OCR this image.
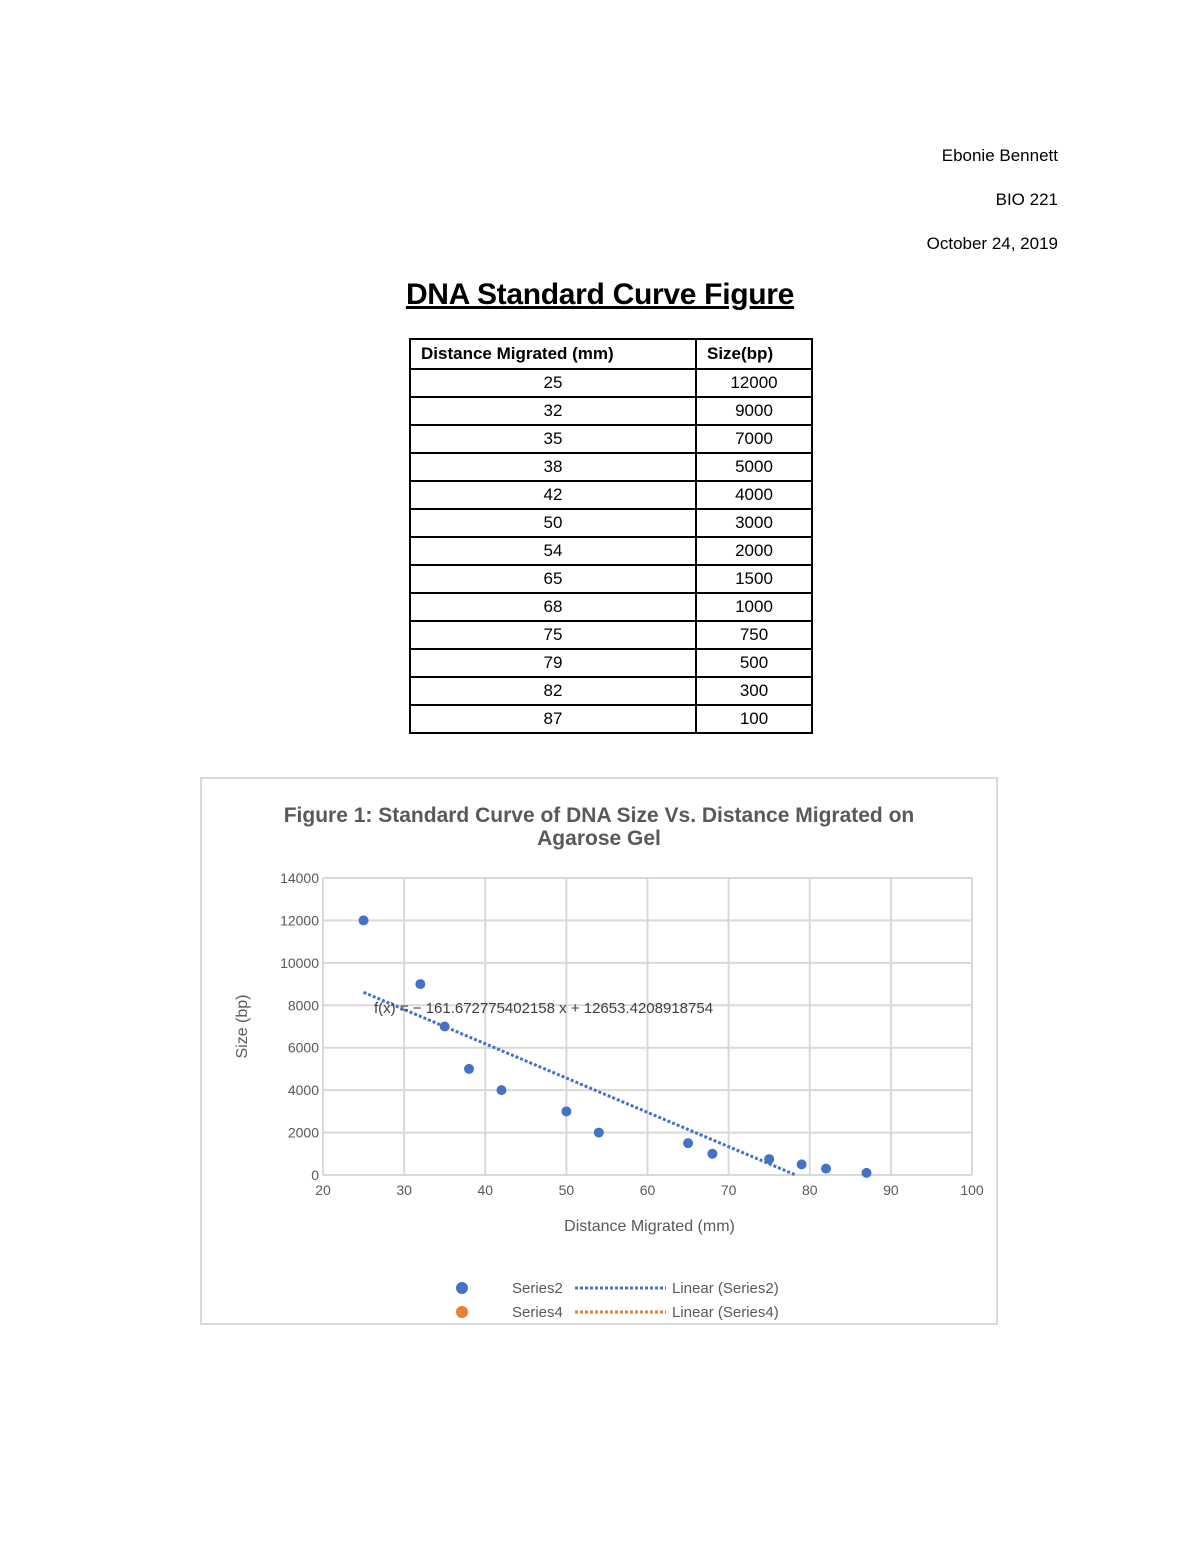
Ebonie Bennett
BIO 221
October 24, 2019
DNA Standard Curve Figure
Distance Migrated (mm)	Size(bp)
25	12000
32	9000
35	7000
38	5000
42	4000
50	3000
54	2000
65	1500
68	1000
75	750
79	500
82	300
87	100
Figure 1: Standard Curve of DNA Size Vs. Distance Migrated on
Agarose Gel
20	30	40	50	60	70	80	90	100
0
2000
4000
6000
8000
10000
12000
14000
Distance Migrated (mm)
Size (bp)	f(x) = − 161.672775402158 x + 12653.4208918754
Series2	Linear (Series2)
Series4	Linear (Series4)
